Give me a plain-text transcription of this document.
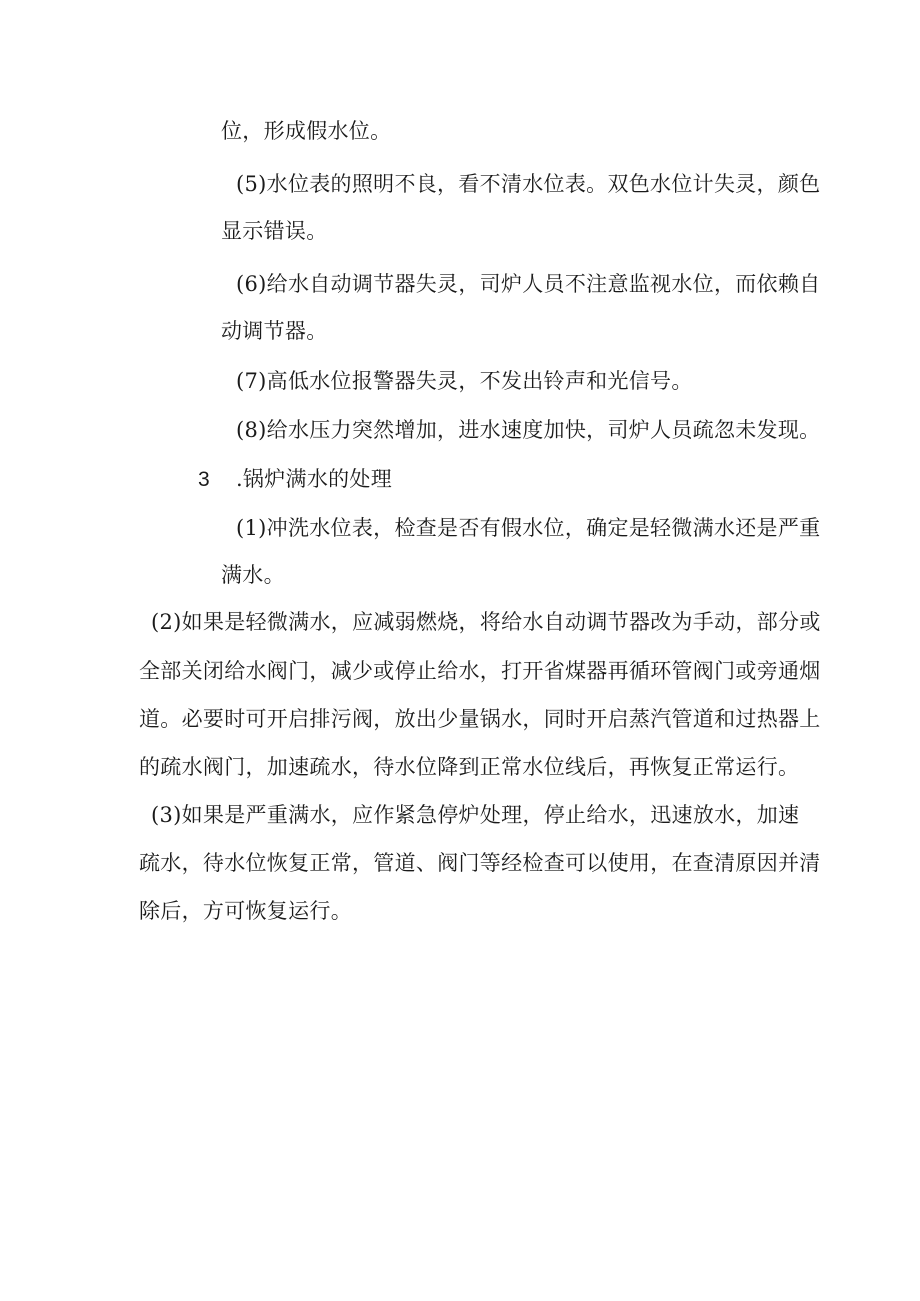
位，形成假水位。
(5)水位表的照明不良，看不清水位表。双色水位计失灵，颜色
显示错误。
(6)给水自动调节器失灵，司炉人员不注意监视水位，而依赖自
动调节器。
(7)高低水位报警器失灵，不发出铃声和光信号。
(8)给水压力突然增加，进水速度加快，司炉人员疏忽未发现。
3 .锅炉满水的处理
(1)冲洗水位表，检查是否有假水位，确定是轻微满水还是严重
满水。
(2)如果是轻微满水，应减弱燃烧，将给水自动调节器改为手动，部分或
全部关闭给水阀门，减少或停止给水，打开省煤器再循环管阀门或旁通烟
道。必要时可开启排污阀，放出少量锅水，同时开启蒸汽管道和过热器上
的疏水阀门，加速疏水，待水位降到正常水位线后，再恢复正常运行。
(3)如果是严重满水，应作紧急停炉处理，停止给水，迅速放水，加速
疏水，待水位恢复正常，管道、阀门等经检查可以使用，在查清原因并清
除后，方可恢复运行。
